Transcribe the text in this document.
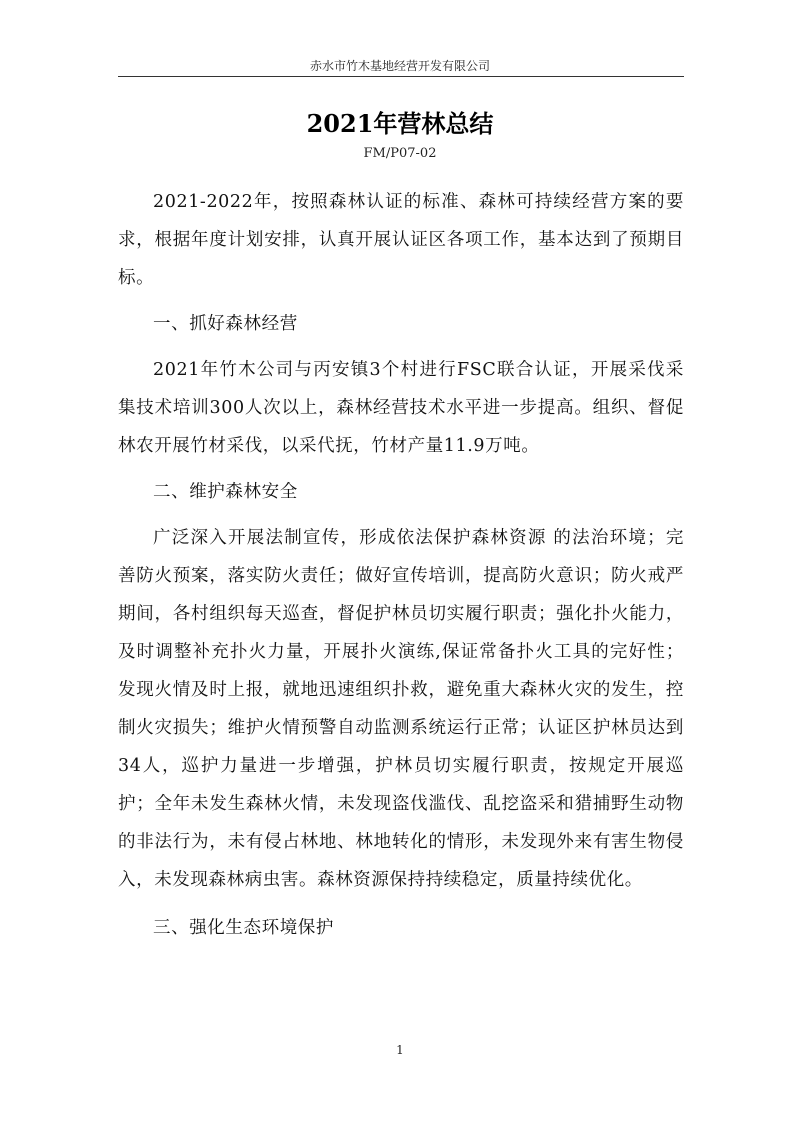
赤水市竹木基地经营开发有限公司
2021年营林总结
FM/P07-02

2021-2022年，按照森林认证的标准、森林可持续经营方案的要求，根据年度计划安排，认真开展认证区各项工作，基本达到了预期目标。

一、抓好森林经营

2021年竹木公司与丙安镇3个村进行FSC联合认证，开展采伐采集技术培训300人次以上，森林经营技术水平进一步提高。组织、督促林农开展竹材采伐，以采代抚，竹材产量11.9万吨。

二、维护森林安全

广泛深入开展法制宣传，形成依法保护森林资源 的法治环境；完善防火预案，落实防火责任；做好宣传培训，提高防火意识；防火戒严期间，各村组织每天巡查，督促护林员切实履行职责；强化扑火能力，及时调整补充扑火力量，开展扑火演练,保证常备扑火工具的完好性；发现火情及时上报，就地迅速组织扑救，避免重大森林火灾的发生，控制火灾损失；维护火情预警自动监测系统运行正常；认证区护林员达到34人，巡护力量进一步增强，护林员切实履行职责，按规定开展巡护；全年未发生森林火情，未发现盗伐滥伐、乱挖盗采和猎捕野生动物的非法行为，未有侵占林地、林地转化的情形，未发现外来有害生物侵入，未发现森林病虫害。森林资源保持持续稳定，质量持续优化。

三、强化生态环境保护

1
